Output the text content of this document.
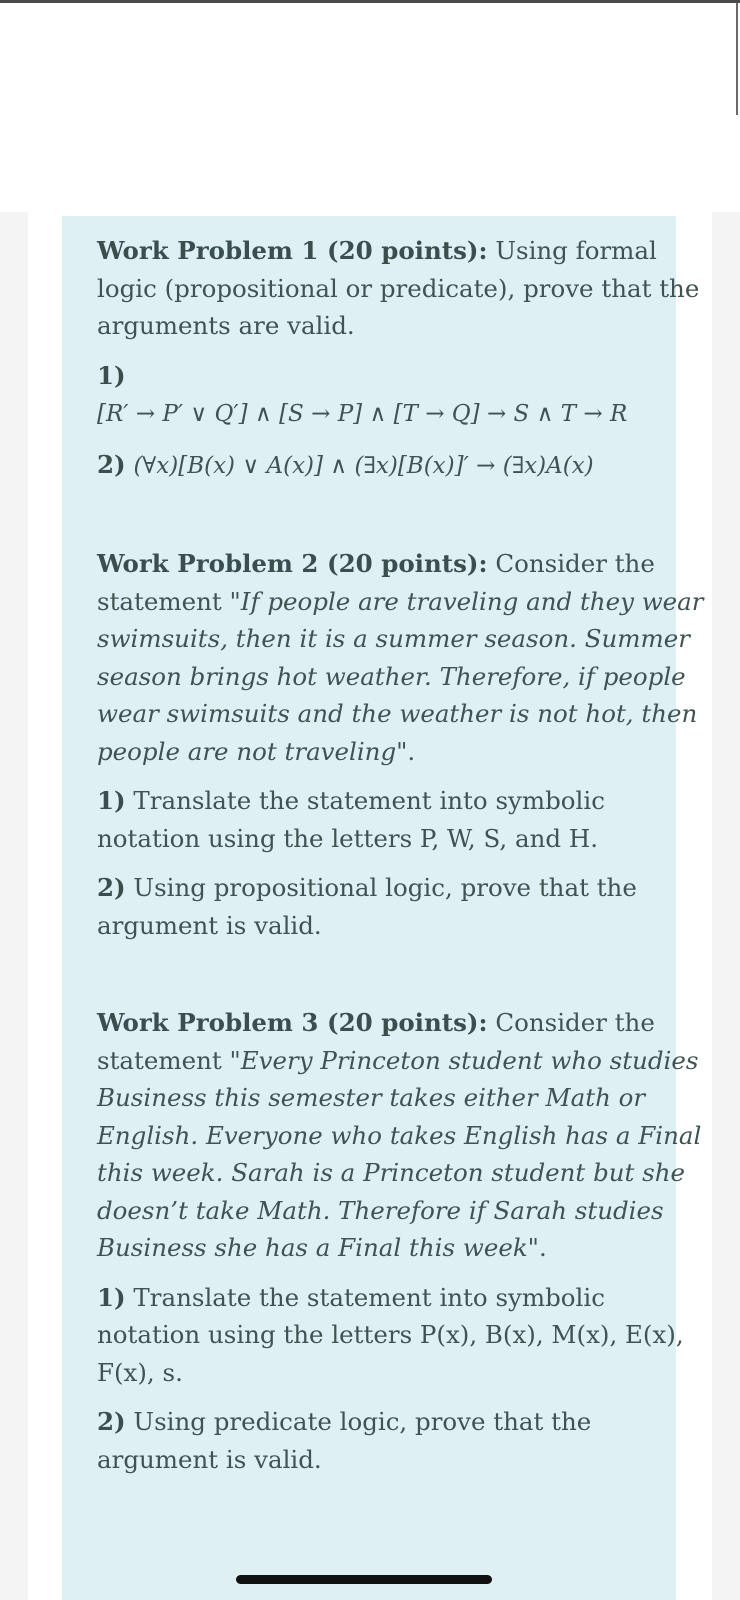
Work Problem 1 (20 points): Using formal logic (propositional or predicate), prove that the arguments are valid.

1)
[R′ → P′ ∨ Q′] ∧ [S → P] ∧ [T → Q] → S ∧ T → R

2) (∀x)[B(x) ∨ A(x)] ∧ (∃x)[B(x)]′ → (∃x)A(x)

Work Problem 2 (20 points): Consider the statement "If people are traveling and they wear swimsuits, then it is a summer season. Summer season brings hot weather. Therefore, if people wear swimsuits and the weather is not hot, then people are not traveling".

1) Translate the statement into symbolic notation using the letters P, W, S, and H.

2) Using propositional logic, prove that the argument is valid.

Work Problem 3 (20 points): Consider the statement "Every Princeton student who studies Business this semester takes either Math or English. Everyone who takes English has a Final this week. Sarah is a Princeton student but she doesn’t take Math. Therefore if Sarah studies Business she has a Final this week".

1) Translate the statement into symbolic notation using the letters P(x), B(x), M(x), E(x), F(x), s.

2) Using predicate logic, prove that the argument is valid.
